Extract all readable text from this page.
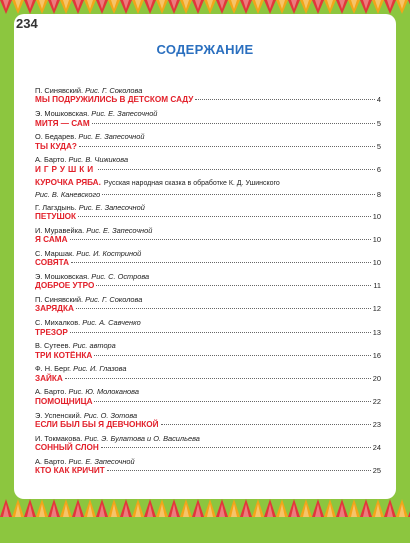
234
СОДЕРЖАНИЕ
П. Синявский. Рис. Г. Соколова
МЫ ПОДРУЖИЛИСЬ В ДЕТСКОМ САДУ	4
Э. Мошковская. Рис. Е. Запесочной
МИТЯ — САМ	5
О. Бедарев. Рис. Е. Запесочной
ТЫ КУДА?	5
А. Барто. Рис. В. Чижикова
ИГРУШКИ	6
КУРОЧКА РЯБА. Русская народная сказка в обработке К. Д. Ушинского
Рис. В. Каневского	8
Г. Лагздынь. Рис. Е. Запесочной
ПЕТУШОК	10
И. Муравейка. Рис. Е. Запесочной
Я САМА	10
С. Маршак. Рис. И. Костриной
СОВЯТА	10
Э. Мошковская. Рис. С. Острова
ДОБРОЕ УТРО	11
П. Синявский. Рис. Г. Соколова
ЗАРЯДКА	12
С. Михалков. Рис. А. Савченко
ТРЕЗОР	13
В. Сутеев. Рис. автора
ТРИ КОТЁНКА	16
Ф. Н. Берг. Рис. И. Глазова
ЗАЙКА	20
А. Барто. Рис. Ю. Молоканова
ПОМОЩНИЦА	22
Э. Успенский. Рис. О. Зотова
ЕСЛИ БЫЛ БЫ Я ДЕВЧОНКОЙ	23
И. Токмакова. Рис. Э. Булатова и О. Васильева
СОННЫЙ СЛОН	24
А. Барто. Рис. Е. Запесочной
КТО КАК КРИЧИТ	25
